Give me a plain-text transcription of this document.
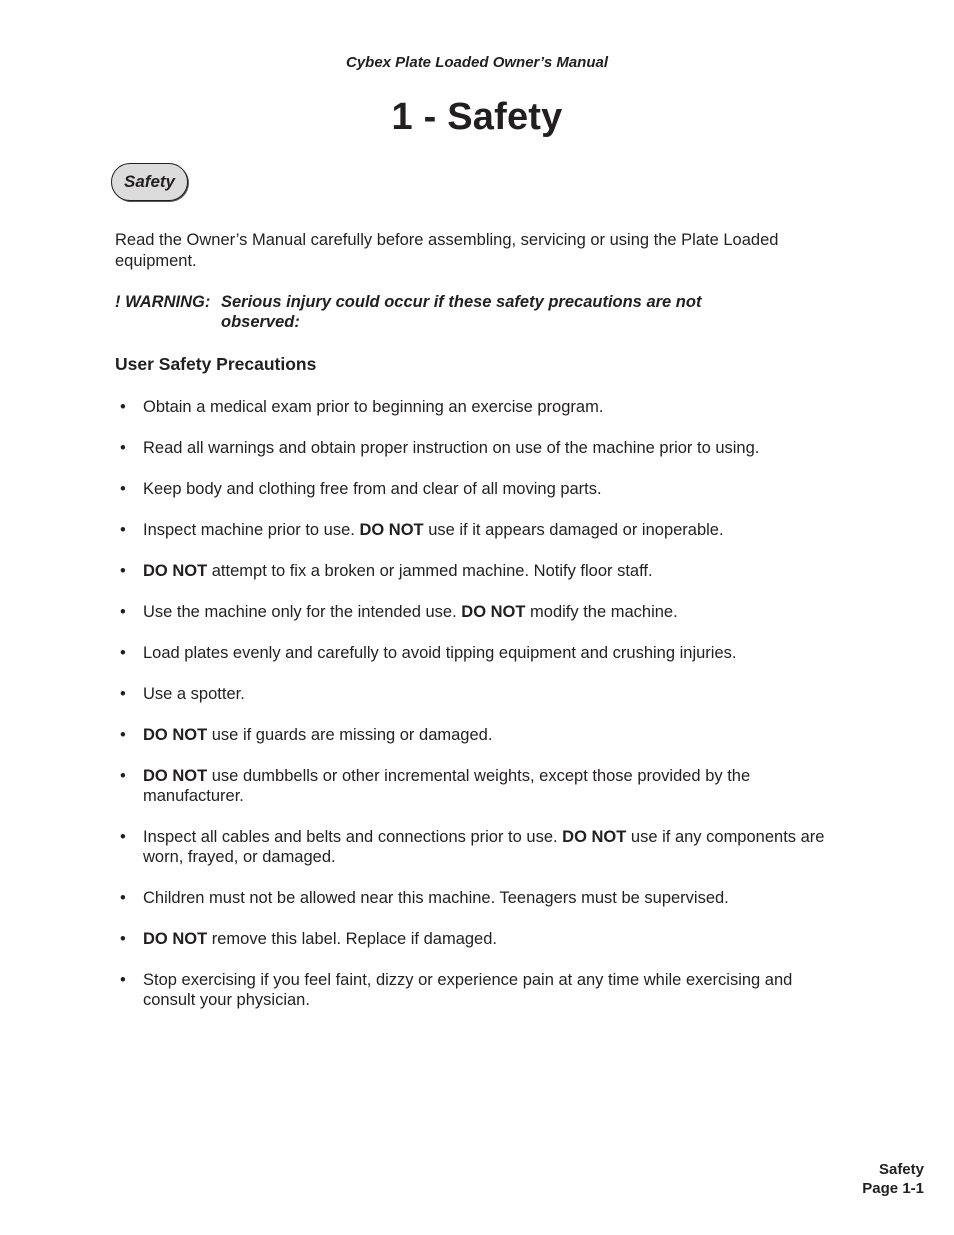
Cybex Plate Loaded Owner’s Manual
1 - Safety
Safety
Read the Owner’s Manual carefully before assembling, servicing or using the Plate Loaded equipment.
! WARNING: Serious injury could occur if these safety precautions are not observed:
User Safety Precautions
• Obtain a medical exam prior to beginning an exercise program.
• Read all warnings and obtain proper instruction on use of the machine prior to using.
• Keep body and clothing free from and clear of all moving parts.
• Inspect machine prior to use. DO NOT use if it appears damaged or inoperable.
• DO NOT attempt to fix a broken or jammed machine. Notify floor staff.
• Use the machine only for the intended use. DO NOT modify the machine.
• Load plates evenly and carefully to avoid tipping equipment and crushing injuries.
• Use a spotter.
• DO NOT use if guards are missing or damaged.
• DO NOT use dumbbells or other incremental weights, except those provided by the manufacturer.
• Inspect all cables and belts and connections prior to use. DO NOT use if any components are worn, frayed, or damaged.
• Children must not be allowed near this machine. Teenagers must be supervised.
• DO NOT remove this label. Replace if damaged.
• Stop exercising if you feel faint, dizzy or experience pain at any time while exercising and consult your physician.
Safety
Page 1-1
